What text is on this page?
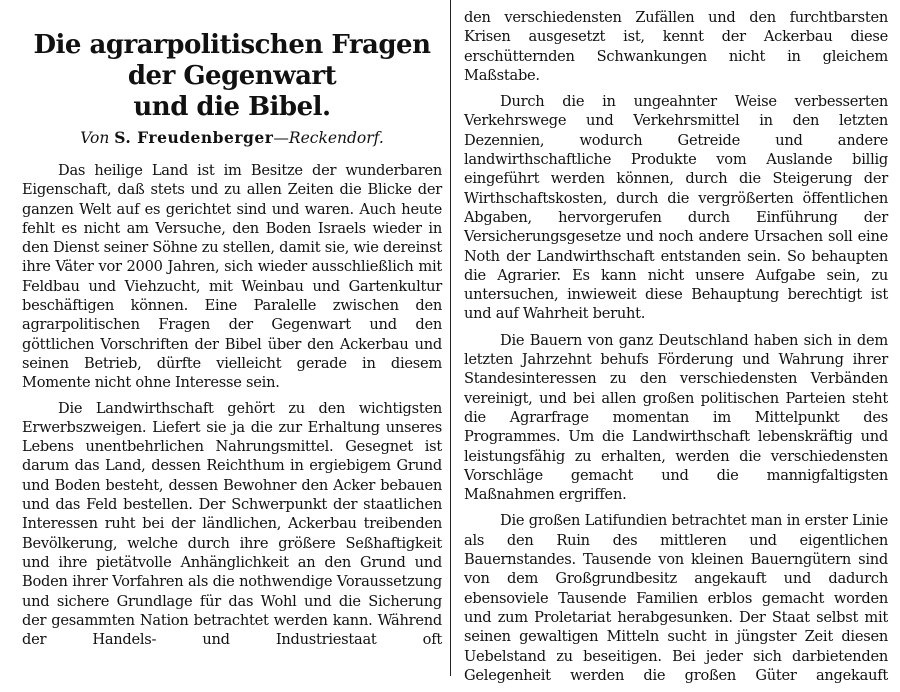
Die agrarpolitischen Fragen der Gegenwart
und die Bibel.
Von S. Freudenberger—Reckendorf.

Das heilige Land ist im Besitze der wunderbaren Eigenschaft, daß stets und zu allen Zeiten die Blicke der ganzen Welt auf es gerichtet sind und waren. Auch heute fehlt es nicht am Versuche, den Boden Israels wieder in den Dienst seiner Söhne zu stellen, damit sie, wie dereinst ihre Väter vor 2000 Jahren, sich wieder ausschließlich mit Feldbau und Viehzucht, mit Weinbau und Gartenkultur beschäftigen können. Eine Paralelle zwischen den agrarpolitischen Fragen der Gegenwart und den göttlichen Vorschriften der Bibel über den Ackerbau und seinen Betrieb, dürfte vielleicht gerade in diesem Momente nicht ohne Interesse sein.

Die Landwirthschaft gehört zu den wichtigsten Erwerbszweigen. Liefert sie ja die zur Erhaltung unseres Lebens unentbehrlichen Nahrungsmittel. Gesegnet ist darum das Land, dessen Reichthum in ergiebigem Grund und Boden besteht, dessen Bewohner den Acker bebauen und das Feld bestellen. Der Schwerpunkt der staatlichen Interessen ruht bei der ländlichen, Ackerbau treibenden Bevölkerung, welche durch ihre größere Seßhaftigkeit und ihre pietätvolle Anhänglichkeit an den Grund und Boden ihrer Vorfahren als die nothwendige Voraussetzung und sichere Grundlage für das Wohl und die Sicherung der gesammten Nation betrachtet werden kann. Während der Handels- und Industriestaat oft

den verschiedensten Zufällen und den furchtbarsten Krisen ausgesetzt ist, kennt der Ackerbau diese erschütternden Schwankungen nicht in gleichem Maßstabe.

Durch die in ungeahnter Weise verbesserten Verkehrswege und Verkehrsmittel in den letzten Dezennien, wodurch Getreide und andere landwirthschaftliche Produkte vom Auslande billig eingeführt werden können, durch die Steigerung der Wirthschaftskosten, durch die vergrößerten öffentlichen Abgaben, hervorgerufen durch Einführung der Versicherungsgesetze und noch andere Ursachen soll eine Noth der Landwirthschaft entstanden sein. So behaupten die Agrarier. Es kann nicht unsere Aufgabe sein, zu untersuchen, inwieweit diese Behauptung berechtigt ist und auf Wahrheit beruht.

Die Bauern von ganz Deutschland haben sich in dem letzten Jahrzehnt behufs Förderung und Wahrung ihrer Standesinteressen zu den verschiedensten Verbänden vereinigt, und bei allen großen politischen Parteien steht die Agrarfrage momentan im Mittelpunkt des Programmes. Um die Landwirthschaft lebenskräftig und leistungsfähig zu erhalten, werden die verschiedensten Vorschläge gemacht und die mannigfaltigsten Maßnahmen ergriffen.

Die großen Latifundien betrachtet man in erster Linie als den Ruin des mittleren und eigentlichen Bauernstandes. Tausende von kleinen Bauerngütern sind von dem Großgrundbesitz angekauft und dadurch ebensoviele Tausende Familien erblos gemacht worden und zum Proletariat herabgesunken. Der Staat selbst mit seinen gewaltigen Mitteln sucht in jüngster Zeit diesen Uebelstand zu beseitigen. Bei jeder sich darbietenden Gelegenheit werden die großen Güter angekauft
